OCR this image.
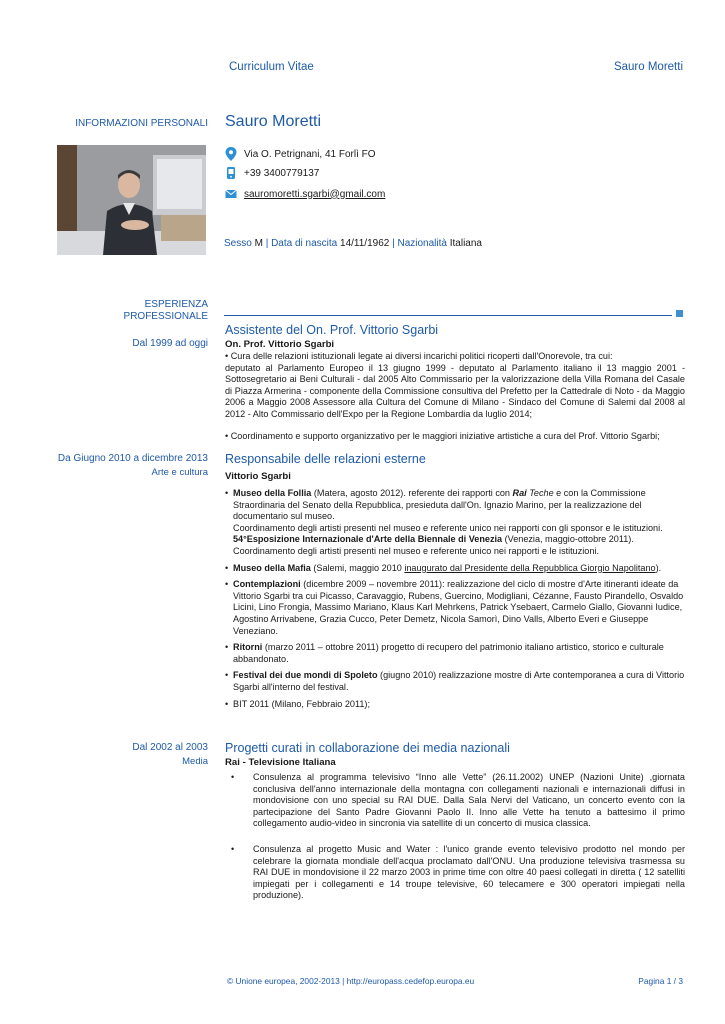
Curriculum Vitae	Sauro Moretti
INFORMAZIONI PERSONALI Sauro Moretti
Via O. Petrignani, 41 Forlì FO
+39 3400779137
sauromoretti.sgarbi@gmail.com
Sesso M | Data di nascita 14/11/1962 | Nazionalità Italiana
ESPERIENZA
PROFESSIONALE
Dal 1999 ad oggi
Assistente del On. Prof. Vittorio Sgarbi
On. Prof. Vittorio Sgarbi

• Cura delle relazioni istituzionali legate ai diversi incarichi politici ricoperti dall'Onorevole, tra cui:

deputato al Parlamento Europeo il 13 giugno 1999 - deputato al Parlamento italiano il 13 maggio 2001 - Sottosegretario ai Beni Culturali - dal 2005 Alto Commissario per la valorizzazione della Villa Romana del Casale di Piazza Armerina - componente della Commissione consultiva del Prefetto per la Cattedrale di Noto - da Maggio 2006 a Maggio 2008 Assessore alla Cultura del Comune di Milano - Sindaco del Comune di Salemi dal 2008 al 2012 - Alto Commissario dell'Expo per la Regione Lombardia da luglio 2014;

• Coordinamento e supporto organizzativo per le maggiori iniziative artistiche a cura del Prof. Vittorio Sgarbi;

Da Giugno 2010 a dicembre 2013
Arte e cultura
Responsabile delle relazioni esterne
Vittorio Sgarbi
• Museo della Follia (Matera, agosto 2012). referente dei rapporti con Rai Teche e con la Commissione Straordinaria del Senato della Repubblica, presieduta dall'On. Ignazio Marino, per la realizzazione del documentario sul museo.
Coordinamento degli artisti presenti nel museo e referente unico nei rapporti con gli sponsor e le istituzioni.
54°Esposizione Internazionale d'Arte della Biennale di Venezia (Venezia, maggio-ottobre 2011).
Coordinamento degli artisti presenti nel museo e referente unico nei rapporti e le istituzioni.
• Museo della Mafia (Salemi, maggio 2010 inaugurato dal Presidente della Repubblica Giorgio Napolitano).
• Contemplazioni (dicembre 2009 – novembre 2011): realizzazione del ciclo di mostre d'Arte itineranti ideate da Vittorio Sgarbi tra cui Picasso, Caravaggio, Rubens, Guercino, Modigliani, Cézanne, Fausto Pirandello, Osvaldo Licini, Lino Frongia, Massimo Mariano, Klaus Karl Mehrkens, Patrick Ysebaert, Carmelo Giallo, Giovanni Iudice, Agostino Arrivabene, Grazia Cucco, Peter Demetz, Nicola Samorì, Dino Valls, Alberto Everi e Giuseppe Veneziano.
• Ritorni (marzo 2011 – ottobre 2011) progetto di recupero del patrimonio italiano artistico, storico e culturale abbandonato.
• Festival dei due mondi di Spoleto (giugno 2010) realizzazione mostre di Arte contemporanea a cura di Vittorio Sgarbi all'interno del festival.
• BIT 2011 (Milano, Febbraio 2011);
Dal 2002 al 2003
Media
Progetti curati in collaborazione dei media nazionali
Rai - Televisione Italiana
• Consulenza al programma televisivo “Inno alle Vette” (26.11.2002) UNEP (Nazioni Unite) ,giornata conclusiva dell'anno internazionale della montagna con collegamenti nazionali e internazionali diffusi in mondovisione con uno special su RAI DUE. Dalla Sala Nervi del Vaticano, un concerto evento con la partecipazione del Santo Padre Giovanni Paolo II. Inno alle Vette ha tenuto a battesimo il primo collegamento audio-video in sincronia via satellite di un concerto di musica classica.
• Consulenza al progetto Music and Water : l'unico grande evento televisivo prodotto nel mondo per celebrare la giornata mondiale dell'acqua proclamato dall'ONU. Una produzione televisiva trasmessa su RAI DUE in mondovisione il 22 marzo 2003 in prime time con oltre 40 paesi collegati in diretta ( 12 satelliti impiegati per i collegamenti e 14 troupe televisive, 60 telecamere e 300 operatori impiegati nella produzione).
© Unione europea, 2002-2013 | http://europass.cedefop.europa.eu	Pagina 1 / 3
